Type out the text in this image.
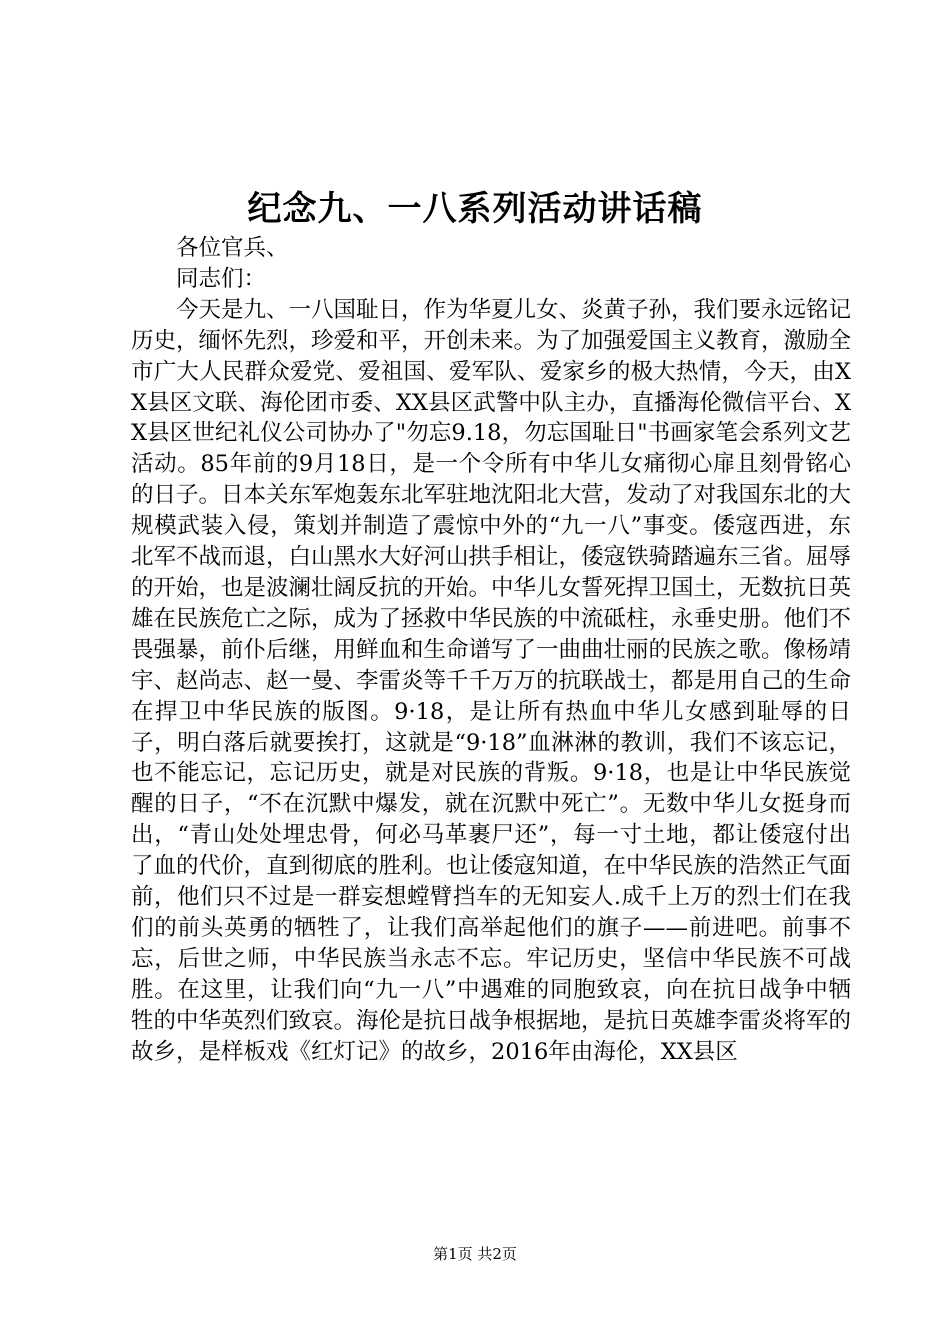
纪念九、一八系列活动讲话稿

各位官兵、

同志们：

今天是九、一八国耻日，作为华夏儿女、炎黄子孙，我们要永远铭记历史，缅怀先烈，珍爱和平，开创未来。为了加强爱国主义教育，激励全市广大人民群众爱党、爱祖国、爱军队、爱家乡的极大热情，今天，由XX县区文联、海伦团市委、XX县区武警中队主办，直播海伦微信平台、XX县区世纪礼仪公司协办了"勿忘9.18，勿忘国耻日"书画家笔会系列文艺活动。85年前的9月18日，是一个令所有中华儿女痛彻心扉且刻骨铭心的日子。日本关东军炮轰东北军驻地沈阳北大营，发动了对我国东北的大规模武装入侵，策划并制造了震惊中外的“九一八”事变。倭寇西进，东北军不战而退，白山黑水大好河山拱手相让，倭寇铁骑踏遍东三省。屈辱的开始，也是波澜壮阔反抗的开始。中华儿女誓死捍卫国土，无数抗日英雄在民族危亡之际，成为了拯救中华民族的中流砥柱，永垂史册。他们不畏强暴，前仆后继，用鲜血和生命谱写了一曲曲壮丽的民族之歌。像杨靖宇、赵尚志、赵一曼、李雷炎等千千万万的抗联战士，都是用自己的生命在捍卫中华民族的版图。9·18，是让所有热血中华儿女感到耻辱的日子，明白落后就要挨打，这就是“9·18”血淋淋的教训，我们不该忘记，也不能忘记，忘记历史，就是对民族的背叛。9·18，也是让中华民族觉醒的日子，“不在沉默中爆发，就在沉默中死亡”。无数中华儿女挺身而出，“青山处处埋忠骨，何必马革裹尸还”，每一寸土地，都让倭寇付出了血的代价，直到彻底的胜利。也让倭寇知道，在中华民族的浩然正气面前，他们只不过是一群妄想螳臂挡车的无知妄人.成千上万的烈士们在我们的前头英勇的牺牲了，让我们高举起他们的旗子——前进吧。前事不忘，后世之师，中华民族当永志不忘。牢记历史，坚信中华民族不可战胜。在这里，让我们向“九一八”中遇难的同胞致哀，向在抗日战争中牺牲的中华英烈们致哀。海伦是抗日战争根据地，是抗日英雄李雷炎将军的故乡，是样板戏《红灯记》的故乡，2016年由海伦，XX县区

第1页 共2页
